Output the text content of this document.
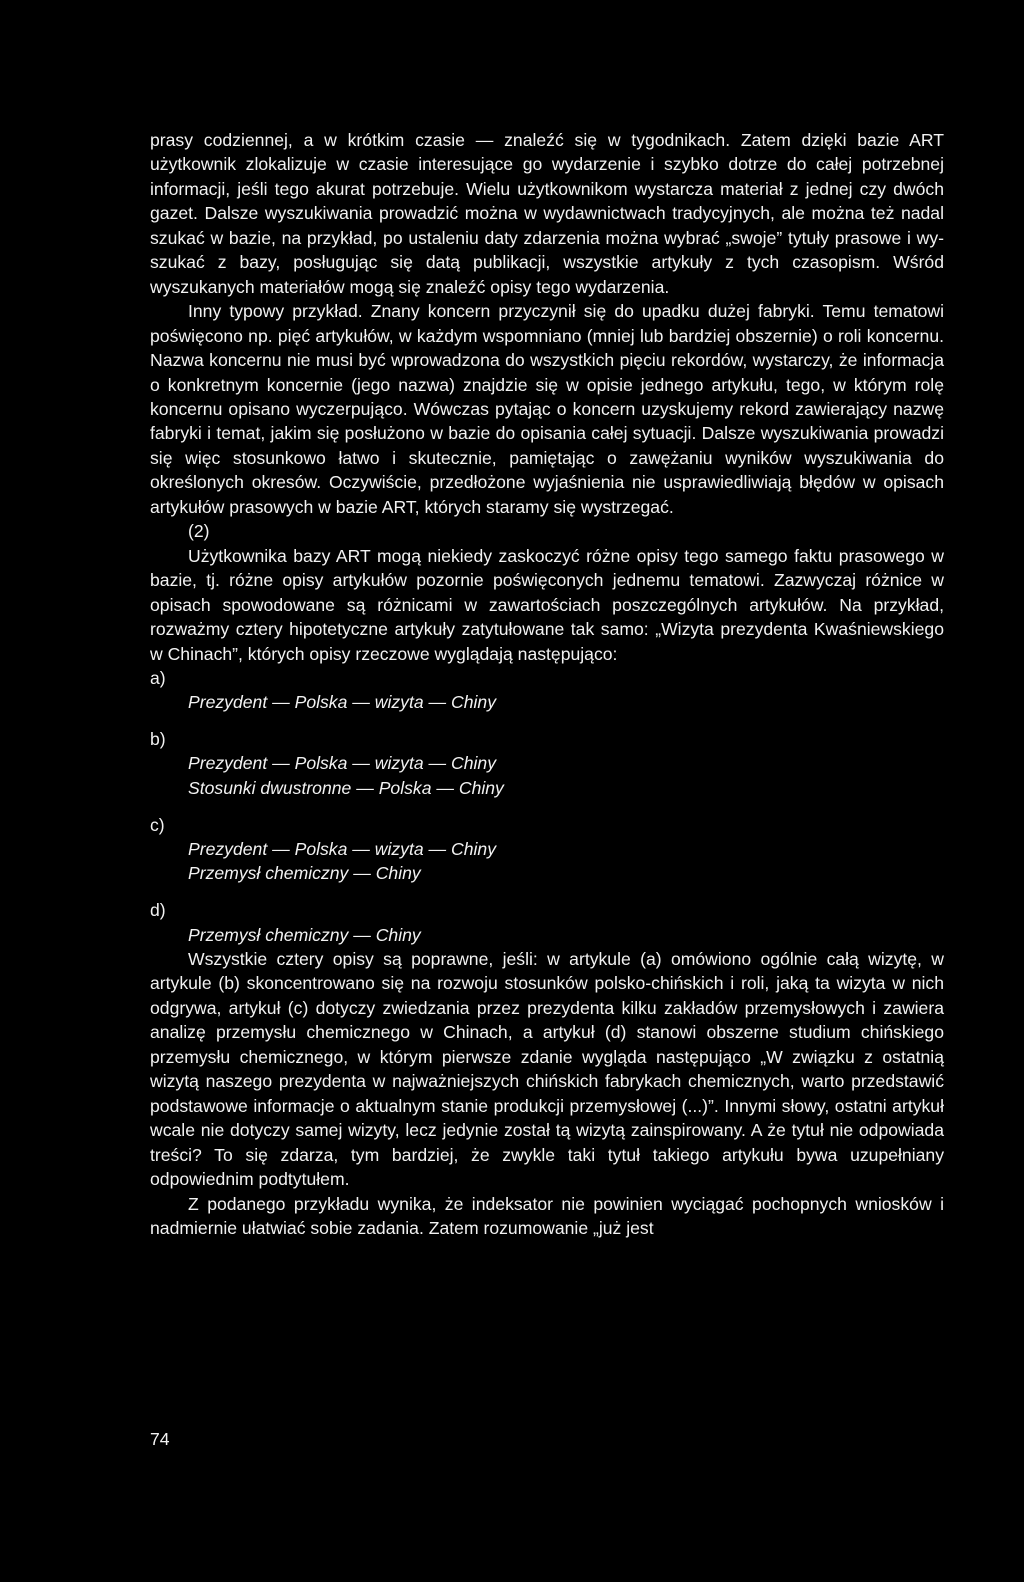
prasy codziennej, a w krótkim czasie — znaleźć się w tygodnikach. Zatem dzięki bazie ART użytkownik zlokalizuje w czasie interesujące go wydarzenie i szybko dotrze do całej potrzebnej informacji, jeśli tego akurat potrzebuje. Wielu użytkownikom wystarcza materiał z jednej czy dwóch gazet. Dalsze wyszukiwania prowadzić można w wydawnictwach tradycyjnych, ale można też nadal szukać w bazie, na przykład, po ustaleniu daty zdarzenia można wybrać „swoje” tytuły prasowe i wyszukać z bazy, posługując się datą publikacji, wszystkie artykuły z tych czasopism. Wśród wyszukanych materiałów mogą się znaleźć opisy tego wydarzenia.

Inny typowy przykład. Znany koncern przyczynił się do upadku dużej fabryki. Temu tematowi poświęcono np. pięć artykułów, w każdym wspomniano (mniej lub bardziej obszernie) o roli koncernu. Nazwa koncernu nie musi być wprowadzona do wszystkich pięciu rekordów, wystarczy, że informacja o konkretnym koncernie (jego nazwa) znajdzie się w opisie jednego artykułu, tego, w którym rolę koncernu opisano wyczerpująco. Wówczas pytając o koncern uzyskujemy rekord zawierający nazwę fabryki i temat, jakim się posłużono w bazie do opisania całej sytuacji. Dalsze wyszukiwania prowadzi się więc stosunkowo łatwo i skutecznie, pamiętając o zawężaniu wyników wyszukiwania do określonych okresów. Oczywiście, przedłożone wyjaśnienia nie usprawiedliwiają błędów w opisach artykułów prasowych w bazie ART, których staramy się wystrzegać.

(2)

Użytkownika bazy ART mogą niekiedy zaskoczyć różne opisy tego samego faktu prasowego w bazie, tj. różne opisy artykułów pozornie poświęconych jednemu tematowi. Zazwyczaj różnice w opisach spowodowane są różnicami w zawartościach poszczególnych artykułów. Na przykład, rozważmy cztery hipotetyczne artykuły zatytułowane tak samo: „Wizyta prezydenta Kwaśniewskiego w Chinach”, których opisy rzeczowe wyglądają następująco:

a)
Prezydent — Polska — wizyta — Chiny
b)
Prezydent — Polska — wizyta — Chiny
Stosunki dwustronne — Polska — Chiny
c)
Prezydent — Polska — wizyta — Chiny
Przemysł chemiczny — Chiny
d)
Przemysł chemiczny — Chiny

Wszystkie cztery opisy są poprawne, jeśli: w artykule (a) omówiono ogólnie całą wizytę, w artykule (b) skoncentrowano się na rozwoju stosunków polsko-chińskich i roli, jaką ta wizyta w nich odgrywa, artykuł (c) dotyczy zwiedzania przez prezydenta kilku zakładów przemysłowych i zawiera analizę przemysłu chemicznego w Chinach, a artykuł (d) stanowi obszerne studium chińskiego przemysłu chemicznego, w którym pierwsze zdanie wygląda następująco „W związku z ostatnią wizytą naszego prezydenta w najważniejszych chińskich fabrykach chemicznych, warto przedstawić podstawowe informacje o aktualnym stanie produkcji przemysłowej (...)”. Innymi słowy, ostatni artykuł wcale nie dotyczy samej wizyty, lecz jedynie został tą wizytą zainspirowany. A że tytuł nie odpowiada treści? To się zdarza, tym bardziej, że zwykle taki tytuł takiego artykułu bywa uzupełniany odpowiednim podtytułem.

Z podanego przykładu wynika, że indeksator nie powinien wyciągać pochopnych wniosków i nadmiernie ułatwiać sobie zadania. Zatem rozumowanie „już jest

74
